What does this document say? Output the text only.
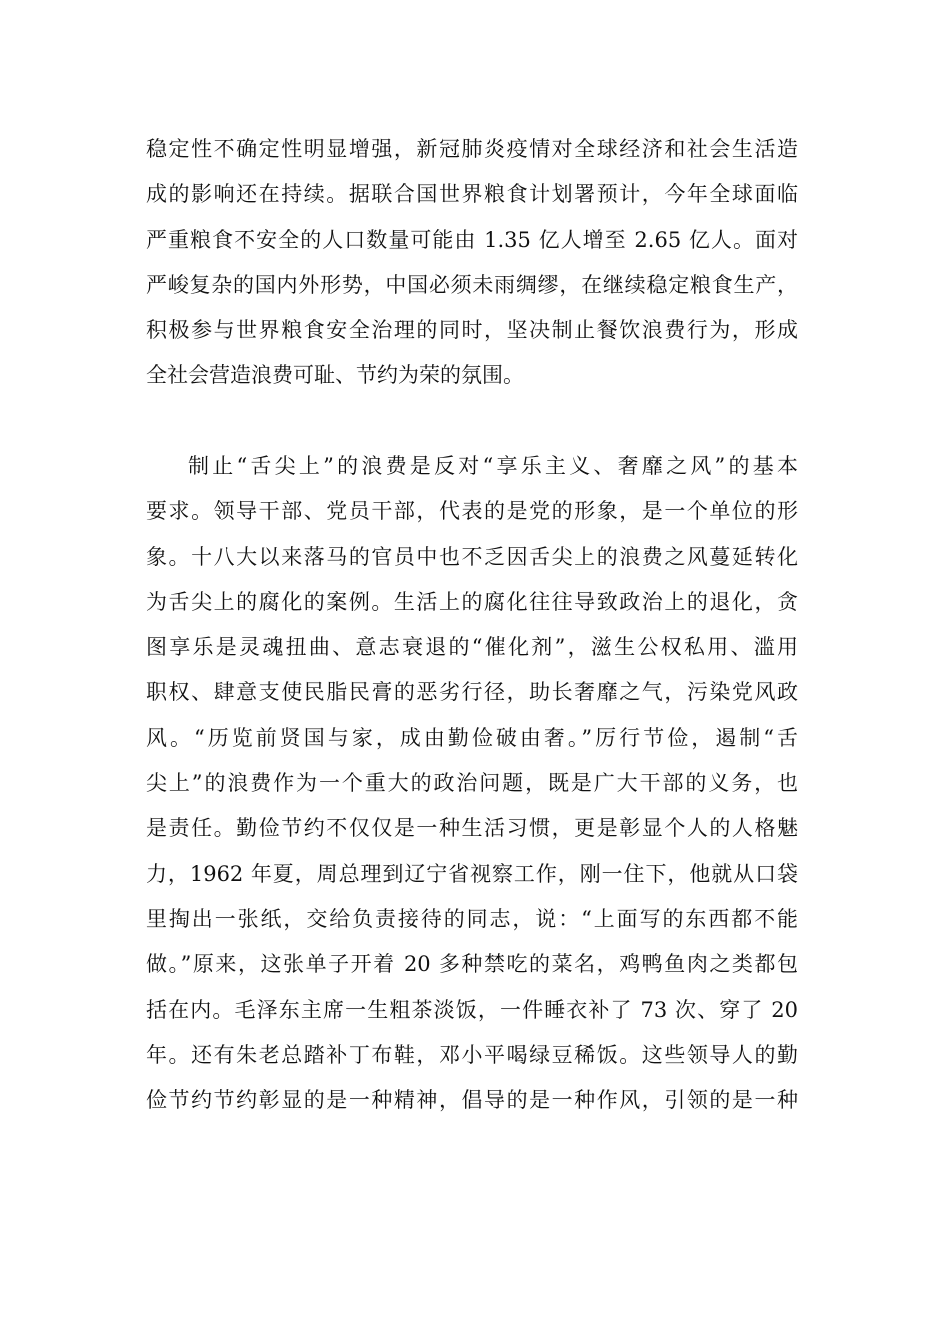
稳定性不确定性明显增强，新冠肺炎疫情对全球经济和社会生活造
成的影响还在持续。据联合国世界粮食计划署预计，今年全球面临
严重粮食不安全的人口数量可能由 1.35 亿人增至 2.65 亿人。面对
严峻复杂的国内外形势，中国必须未雨绸缪，在继续稳定粮食生产，
积极参与世界粮食安全治理的同时，坚决制止餐饮浪费行为，形成
全社会营造浪费可耻、节约为荣的氛围。
制止“舌尖上”的浪费是反对“享乐主义、奢靡之风”的基本
要求。领导干部、党员干部，代表的是党的形象，是一个单位的形
象。十八大以来落马的官员中也不乏因舌尖上的浪费之风蔓延转化
为舌尖上的腐化的案例。生活上的腐化往往导致政治上的退化，贪
图享乐是灵魂扭曲、意志衰退的“催化剂”，滋生公权私用、滥用
职权、肆意支使民脂民膏的恶劣行径，助长奢靡之气，污染党风政
风。“历览前贤国与家，成由勤俭破由奢。”厉行节俭，遏制“舌
尖上”的浪费作为一个重大的政治问题，既是广大干部的义务，也
是责任。勤俭节约不仅仅是一种生活习惯，更是彰显个人的人格魅
力，1962 年夏，周总理到辽宁省视察工作，刚一住下，他就从口袋
里掏出一张纸，交给负责接待的同志，说：“上面写的东西都不能
做。”原来，这张单子开着 20 多种禁吃的菜名，鸡鸭鱼肉之类都包
括在内。毛泽东主席一生粗茶淡饭，一件睡衣补了 73 次、穿了 20
年。还有朱老总踏补丁布鞋，邓小平喝绿豆稀饭。这些领导人的勤
俭节约节约彰显的是一种精神，倡导的是一种作风，引领的是一种
